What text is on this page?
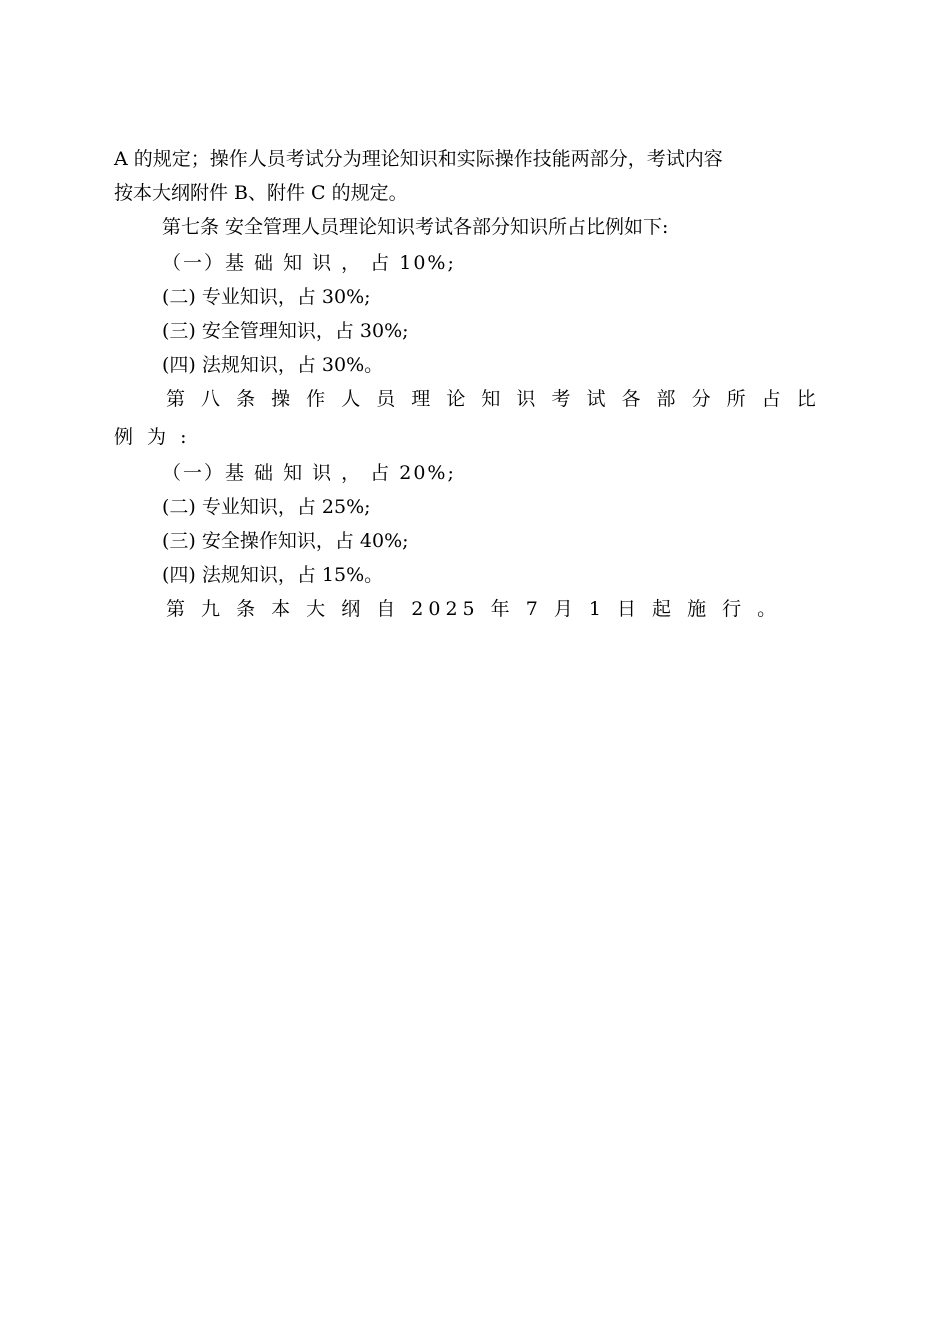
A 的规定；操作人员考试分为理论知识和实际操作技能两部分，考试内容
按本大纲附件 B、附件 C 的规定。
第七条 安全管理人员理论知识考试各部分知识所占比例如下:
（一）基 础 知 识 ， 占 10%;
(二) 专业知识，占 30%;
(三) 安全管理知识，占 30%;
(四) 法规知识，占 30%。
第 八 条 操 作 人 员 理 论 知 识 考 试 各 部 分 所 占 比
例 为 :
（一）基 础 知 识 ， 占 20%;
(二) 专业知识，占 25%;
(三) 安全操作知识，占 40%;
(四) 法规知识，占 15%。
第 九 条 本 大 纲 自 2025 年 7 月 1 日 起 施 行 。
